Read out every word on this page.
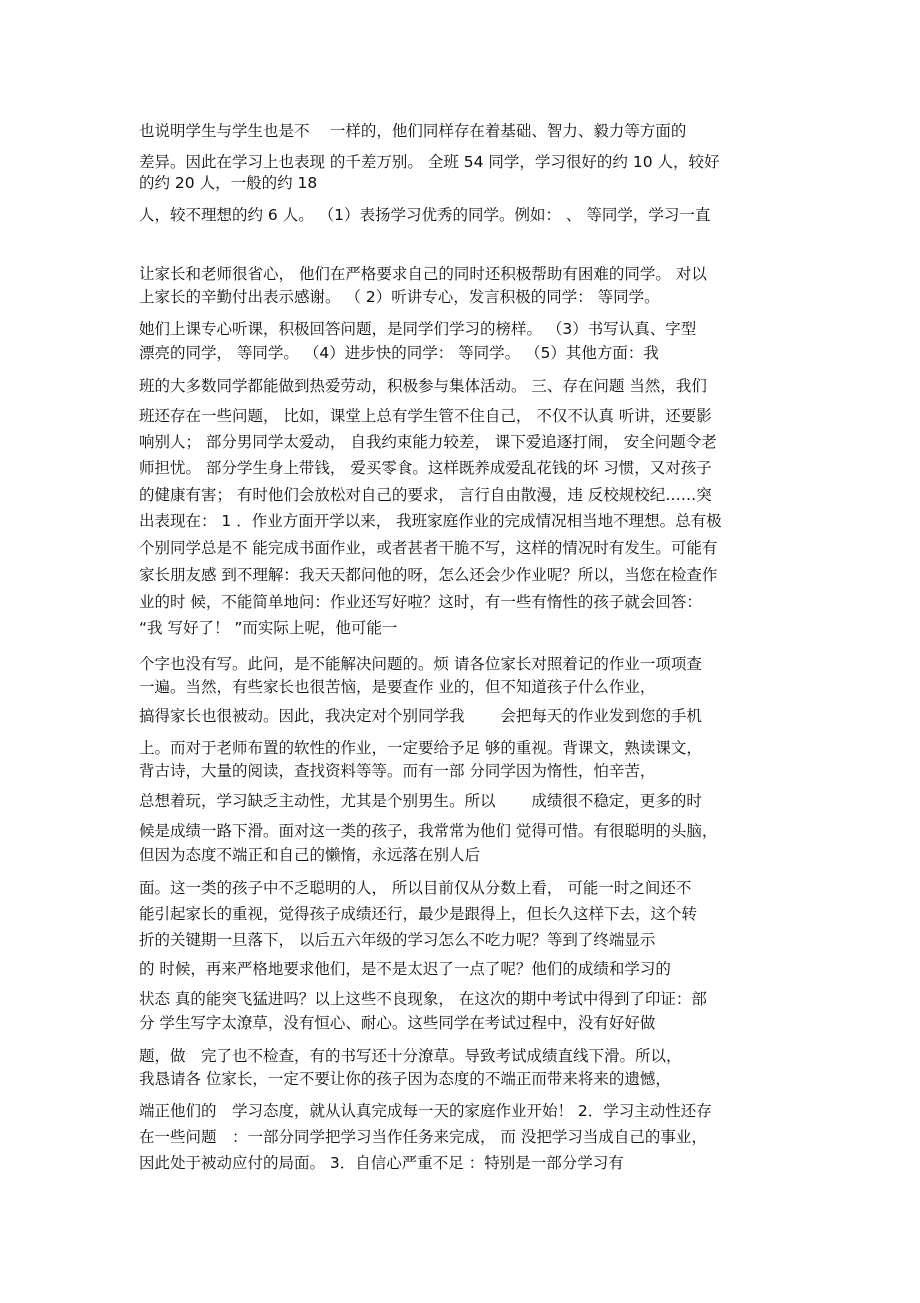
也说明学生与学生也是不　 一样的，他们同样存在着基础、智力、毅力等方面的
差异。因此在学习上也表现 的千差万别。 全班 54 同学，学习很好的约 10 人，较好
的约 20 人，一般的约 18
人，较不理想的约 6 人。 （1）表扬学习优秀的同学。例如： 、 等同学，学习一直
让家长和老师很省心， 他们在严格要求自己的同时还积极帮助有困难的同学。 对以
上家长的辛勤付出表示感谢。 （ 2）听讲专心，发言积极的同学： 等同学。
她们上课专心听课，积极回答问题，是同学们学习的榜样。 （3）书写认真、字型
漂亮的同学， 等同学。 （4）进步快的同学： 等同学。 （5）其他方面：我
班的大多数同学都能做到热爱劳动，积极参与集体活动。 三、存在问题 当然，我们
班还存在一些问题， 比如，课堂上总有学生管不住自己， 不仅不认真 听讲，还要影
响别人； 部分男同学太爱动， 自我约束能力较差， 课下爱追逐打闹， 安全问题令老
师担忧。 部分学生身上带钱， 爱买零食。这样既养成爱乱花钱的坏 习惯，又对孩子
的健康有害； 有时他们会放松对自己的要求， 言行自由散漫，违 反校规校纪……突
出表现在： 1 ．作业方面开学以来， 我班家庭作业的完成情况相当地不理想。总有极
个别同学总是不 能完成书面作业，或者甚者干脆不写，这样的情况时有发生。可能有
家长朋友感 到不理解：我天天都问他的呀，怎么还会少作业呢？所以，当您在检查作
业的时 候，不能简单地问：作业还写好啦？这时，有一些有惰性的孩子就会回答：
“我 写好了！ ”而实际上呢，他可能一
个字也没有写。此问，是不能解决问题的。烦 请各位家长对照着记的作业一项项查
一遍。当然，有些家长也很苦恼，是要查作 业的，但不知道孩子什么作业，
搞得家长也很被动。因此，我决定对个别同学我　　 会把每天的作业发到您的手机
上。而对于老师布置的软性的作业，一定要给予足 够的重视。背课文，熟读课文，
背古诗，大量的阅读，查找资料等等。而有一部 分同学因为惰性，怕辛苦，
总想着玩，学习缺乏主动性，尤其是个别男生。所以　　 成绩很不稳定，更多的时
候是成绩一路下滑。面对这一类的孩子，我常常为他们 觉得可惜。有很聪明的头脑，
但因为态度不端正和自己的懒惰，永远落在别人后
面。这一类的孩子中不乏聪明的人， 所以目前仅从分数上看， 可能一时之间还不
能引起家长的重视，觉得孩子成绩还行，最少是跟得上，但长久这样下去，这个转
折的关键期一旦落下， 以后五六年级的学习怎么不吃力呢？等到了终端显示
的 时候，再来严格地要求他们，是不是太迟了一点了呢？他们的成绩和学习的
状态 真的能突飞猛进吗？以上这些不良现象， 在这次的期中考试中得到了印证：部
分 学生写字太潦草，没有恒心、耐心。这些同学在考试过程中，没有好好做
题，做　完了也不检查，有的书写还十分潦草。导致考试成绩直线下滑。所以，
我恳请各 位家长，一定不要让你的孩子因为态度的不端正而带来将来的遗憾，
端正他们的　学习态度，就从认真完成每一天的家庭作业开始！ 2．学习主动性还存
在一些问题　：一部分同学把学习当作任务来完成， 而 没把学习当成自己的事业，
因此处于被动应付的局面。 3．自信心严重不足 ：特别是一部分学习有
